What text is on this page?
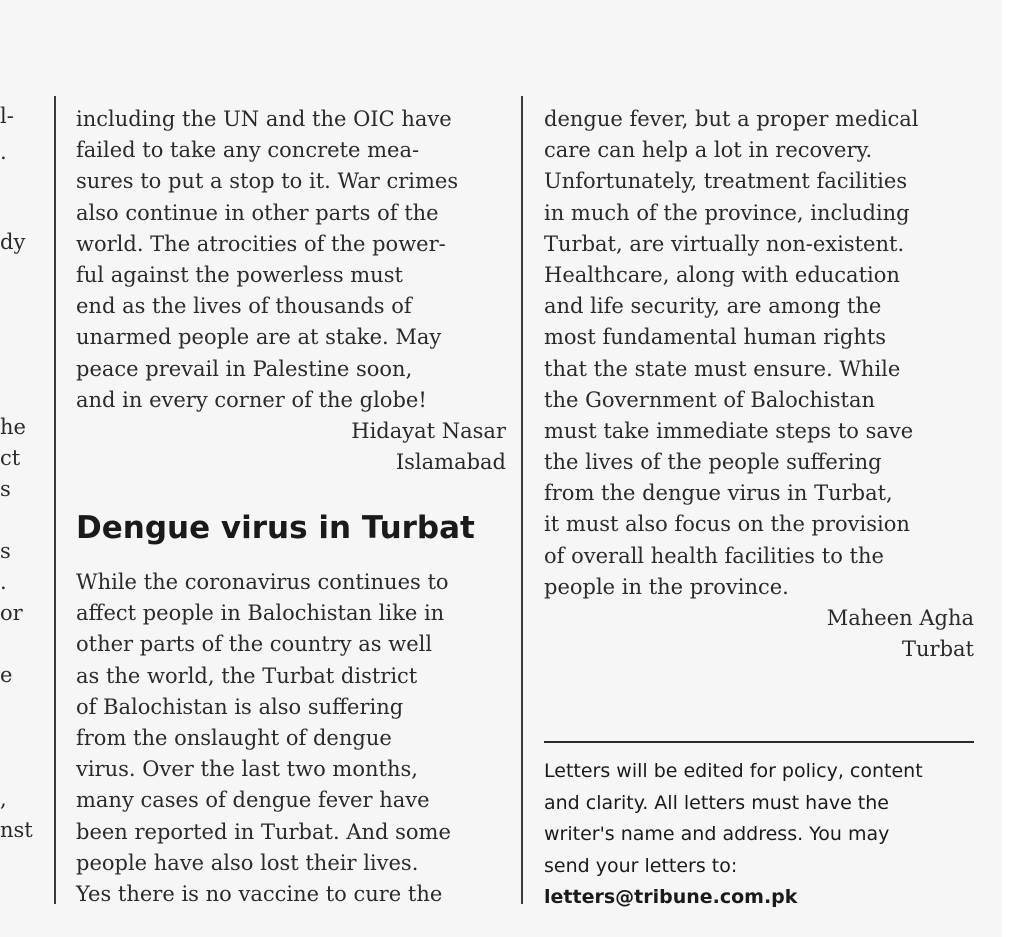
l-
.
dy
he
ct
s
s
.
or
e
,
nst
including the UN and the OIC have
failed to take any concrete mea-
sures to put a stop to it. War crimes
also continue in other parts of the
world. The atrocities of the power-
ful against the powerless must
end as the lives of thousands of
unarmed people are at stake. May
peace prevail in Palestine soon,
and in every corner of the globe!
Hidayat Nasar
Islamabad
Dengue virus in Turbat
While the coronavirus continues to
affect people in Balochistan like in
other parts of the country as well
as the world, the Turbat district
of Balochistan is also suffering
from the onslaught of dengue
virus. Over the last two months,
many cases of dengue fever have
been reported in Turbat. And some
people have also lost their lives.
Yes there is no vaccine to cure the
dengue fever, but a proper medical
care can help a lot in recovery.
Unfortunately, treatment facilities
in much of the province, including
Turbat, are virtually non-existent.
Healthcare, along with education
and life security, are among the
most fundamental human rights
that the state must ensure. While
the Government of Balochistan
must take immediate steps to save
the lives of the people suffering
from the dengue virus in Turbat,
it must also focus on the provision
of overall health facilities to the
people in the province.
Maheen Agha
Turbat
Letters will be edited for policy, content
and clarity. All letters must have the
writer's name and address. You may
send your letters to:
letters@tribune.com.pk
